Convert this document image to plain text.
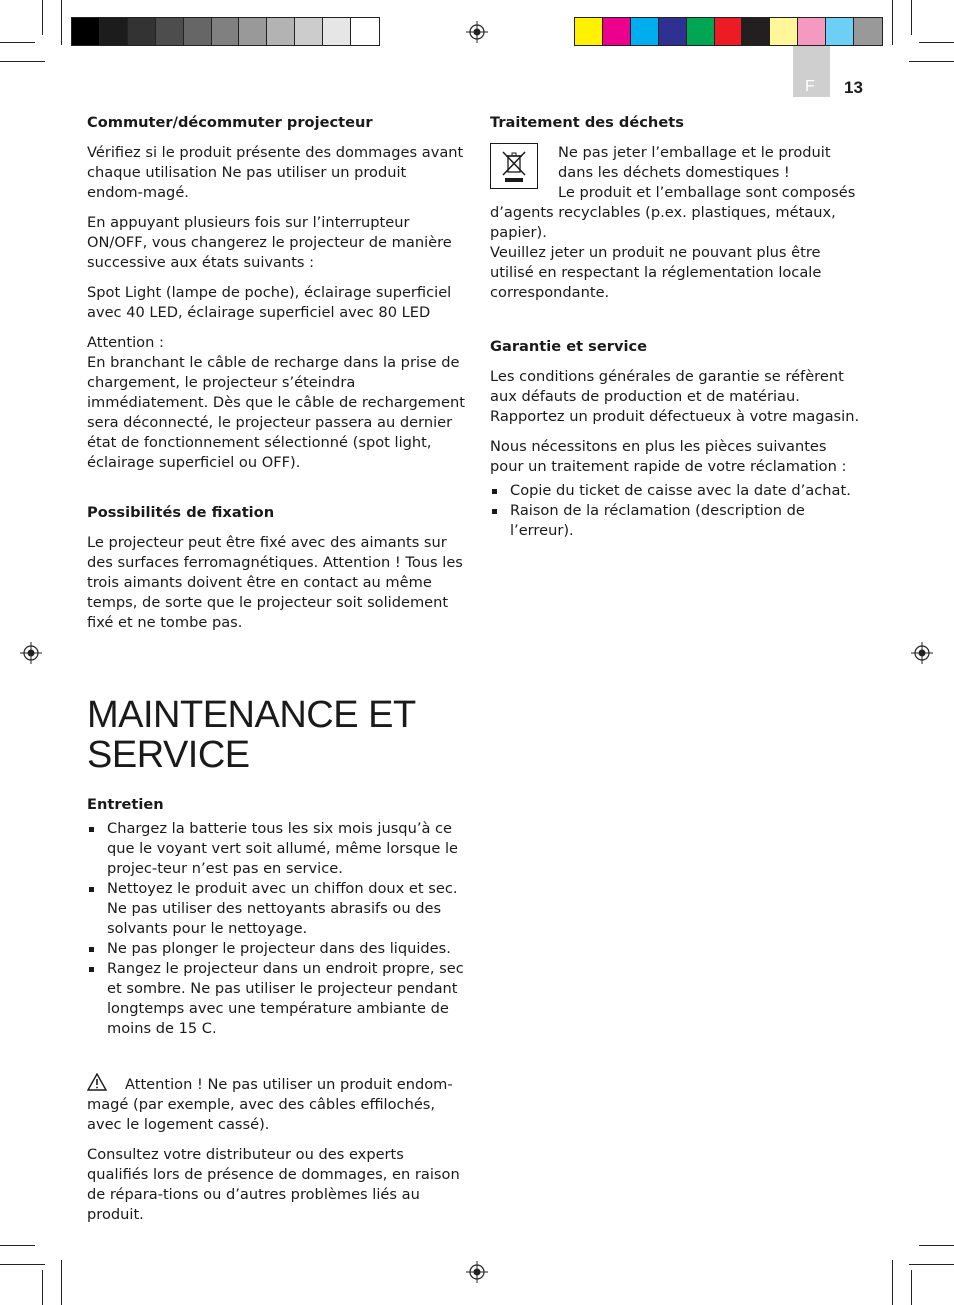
F 13
Commuter/décommuter projecteur

Vérifiez si le produit présente des dommages avant chaque utilisation Ne pas utiliser un produit endom-magé.

En appuyant plusieurs fois sur l’interrupteur ON/OFF, vous changerez le projecteur de manière successive aux états suivants :

Spot Light (lampe de poche), éclairage superficiel avec 40 LED, éclairage superficiel avec 80 LED

Attention :
En branchant le câble de recharge dans la prise de chargement, le projecteur s’éteindra immédiatement. Dès que le câble de rechargement sera déconnecté, le projecteur passera au dernier état de fonctionnement sélectionné (spot light, éclairage superficiel ou OFF).

Possibilités de fixation

Le projecteur peut être fixé avec des aimants sur des surfaces ferromagnétiques. Attention ! Tous les trois aimants doivent être en contact au même temps, de sorte que le projecteur soit solidement fixé et ne tombe pas.

MAINTENANCE ET
SERVICE
Entretien
Chargez la batterie tous les six mois jusqu’à ce que le voyant vert soit allumé, même lorsque le projec-teur n’est pas en service.
Nettoyez le produit avec un chiffon doux et sec. Ne pas utiliser des nettoyants abrasifs ou des solvants pour le nettoyage.
Ne pas plonger le projecteur dans des liquides.
Rangez le projecteur dans un endroit propre, sec et sombre. Ne pas utiliser le projecteur pendant longtemps avec une température ambiante de moins de 15 C.

Attention ! Ne pas utiliser un produit endom-magé (par exemple, avec des câbles effilochés, avec le logement cassé).

Consultez votre distributeur ou des experts qualifiés lors de présence de dommages, en raison de répara-tions ou d’autres problèmes liés au produit.

Traitement des déchets

Ne pas jeter l’emballage et le produit dans les déchets domestiques !
Le produit et l’emballage sont composés d’agents recyclables (p.ex. plastiques, métaux, papier).
Veuillez jeter un produit ne pouvant plus être utilisé en respectant la réglementation locale correspondante.

Garantie et service

Les conditions générales de garantie se réfèrent aux défauts de production et de matériau.
Rapportez un produit défectueux à votre magasin.

Nous nécessitons en plus les pièces suivantes pour un traitement rapide de votre réclamation :

Copie du ticket de caisse avec la date d’achat.
Raison de la réclamation (description de l’erreur).
